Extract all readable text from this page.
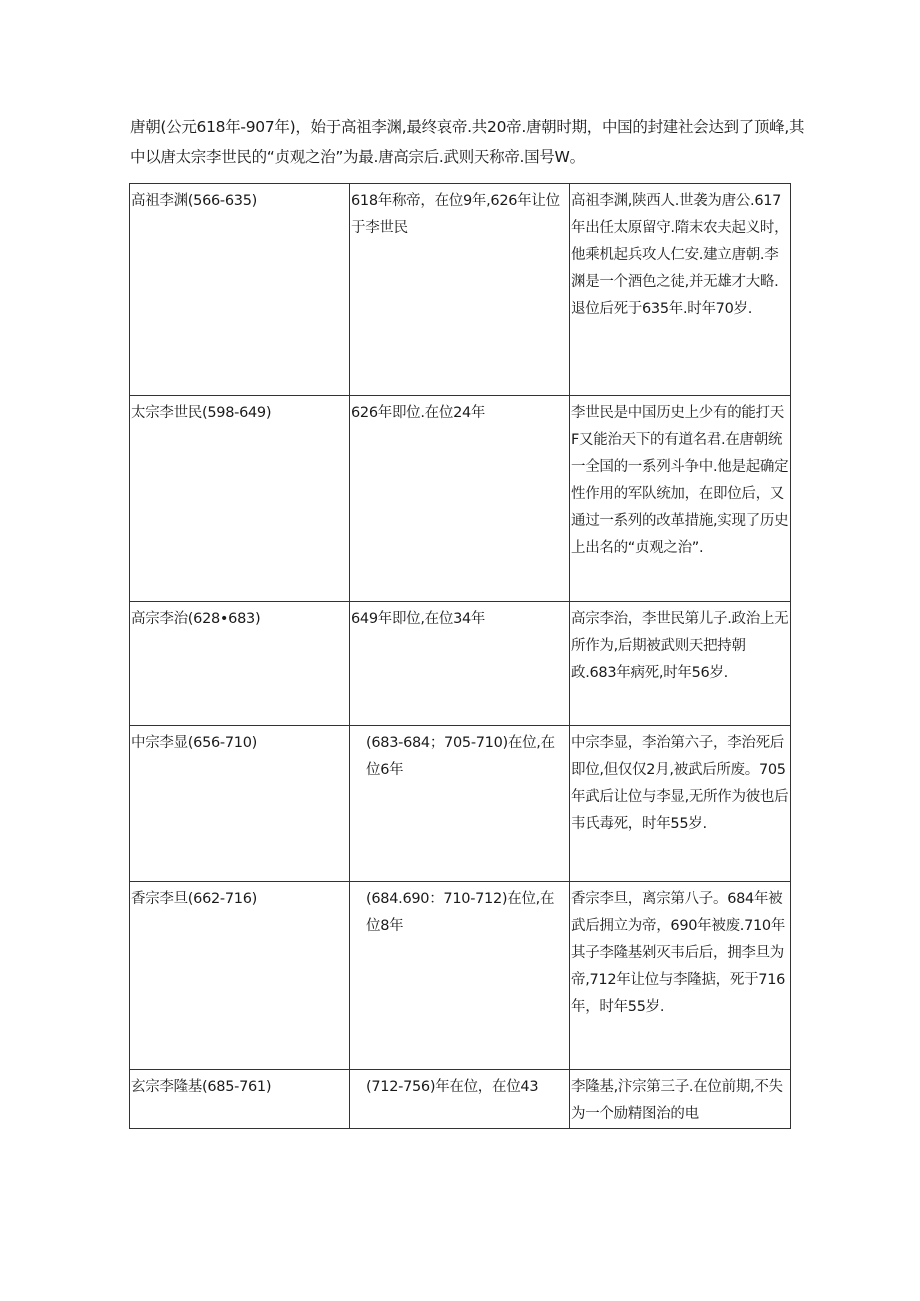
唐朝(公元618年-907年)，始于高祖李渊,最终哀帝.共20帝.唐朝时期，中国的封建社会达到了顶峰,其

中以唐太宗李世民的“贞观之治”为最.唐高宗后.武则天称帝.国号W。

高祖李渊(566-635)	618年称帝，在位9年,626年让位于李世民	高祖李渊,陕西人.世袭为唐公.617年出任太原留守.隋末农夫起义时，他乘机起兵攻人仁安.建立唐朝.李渊是一个酒色之徒,并无雄才大略.退位后死于635年.时年70岁.

太宗李世民(598-649)	626年即位.在位24年	李世民是中国历史上少有的能打天F又能治天下的有道名君.在唐朝统一全国的一系列斗争中.他是起确定性作用的军队统加，在即位后，又通过一系列的改革措施,实现了历史上出名的“贞观之治”.

高宗李治(628•683)	649年即位,在位34年	高宗李治，李世民第儿子.政治上无所作为,后期被武则天把持朝政.683年病死,时年56岁.

中宗李显(656-710)	(683-684；705-710)在位,在位6年	中宗李显，李治第六子，李治死后即位,但仅仅2月,被武后所废。705年武后让位与李显,无所作为彼也后韦氏毒死，时年55岁.

香宗李旦(662-716)	(684.690：710-712)在位,在位8年	香宗李旦，离宗第八子。684年被武后拥立为帝，690年被废.710年其子李隆基剁灭韦后后，拥李旦为帝,712年让位与李隆掂，死于716年，时年55岁.

玄宗李隆基(685-761)	(712-756)年在位，在位43	李隆基,汴宗第三子.在位前期,不失为一个励精图治的电
